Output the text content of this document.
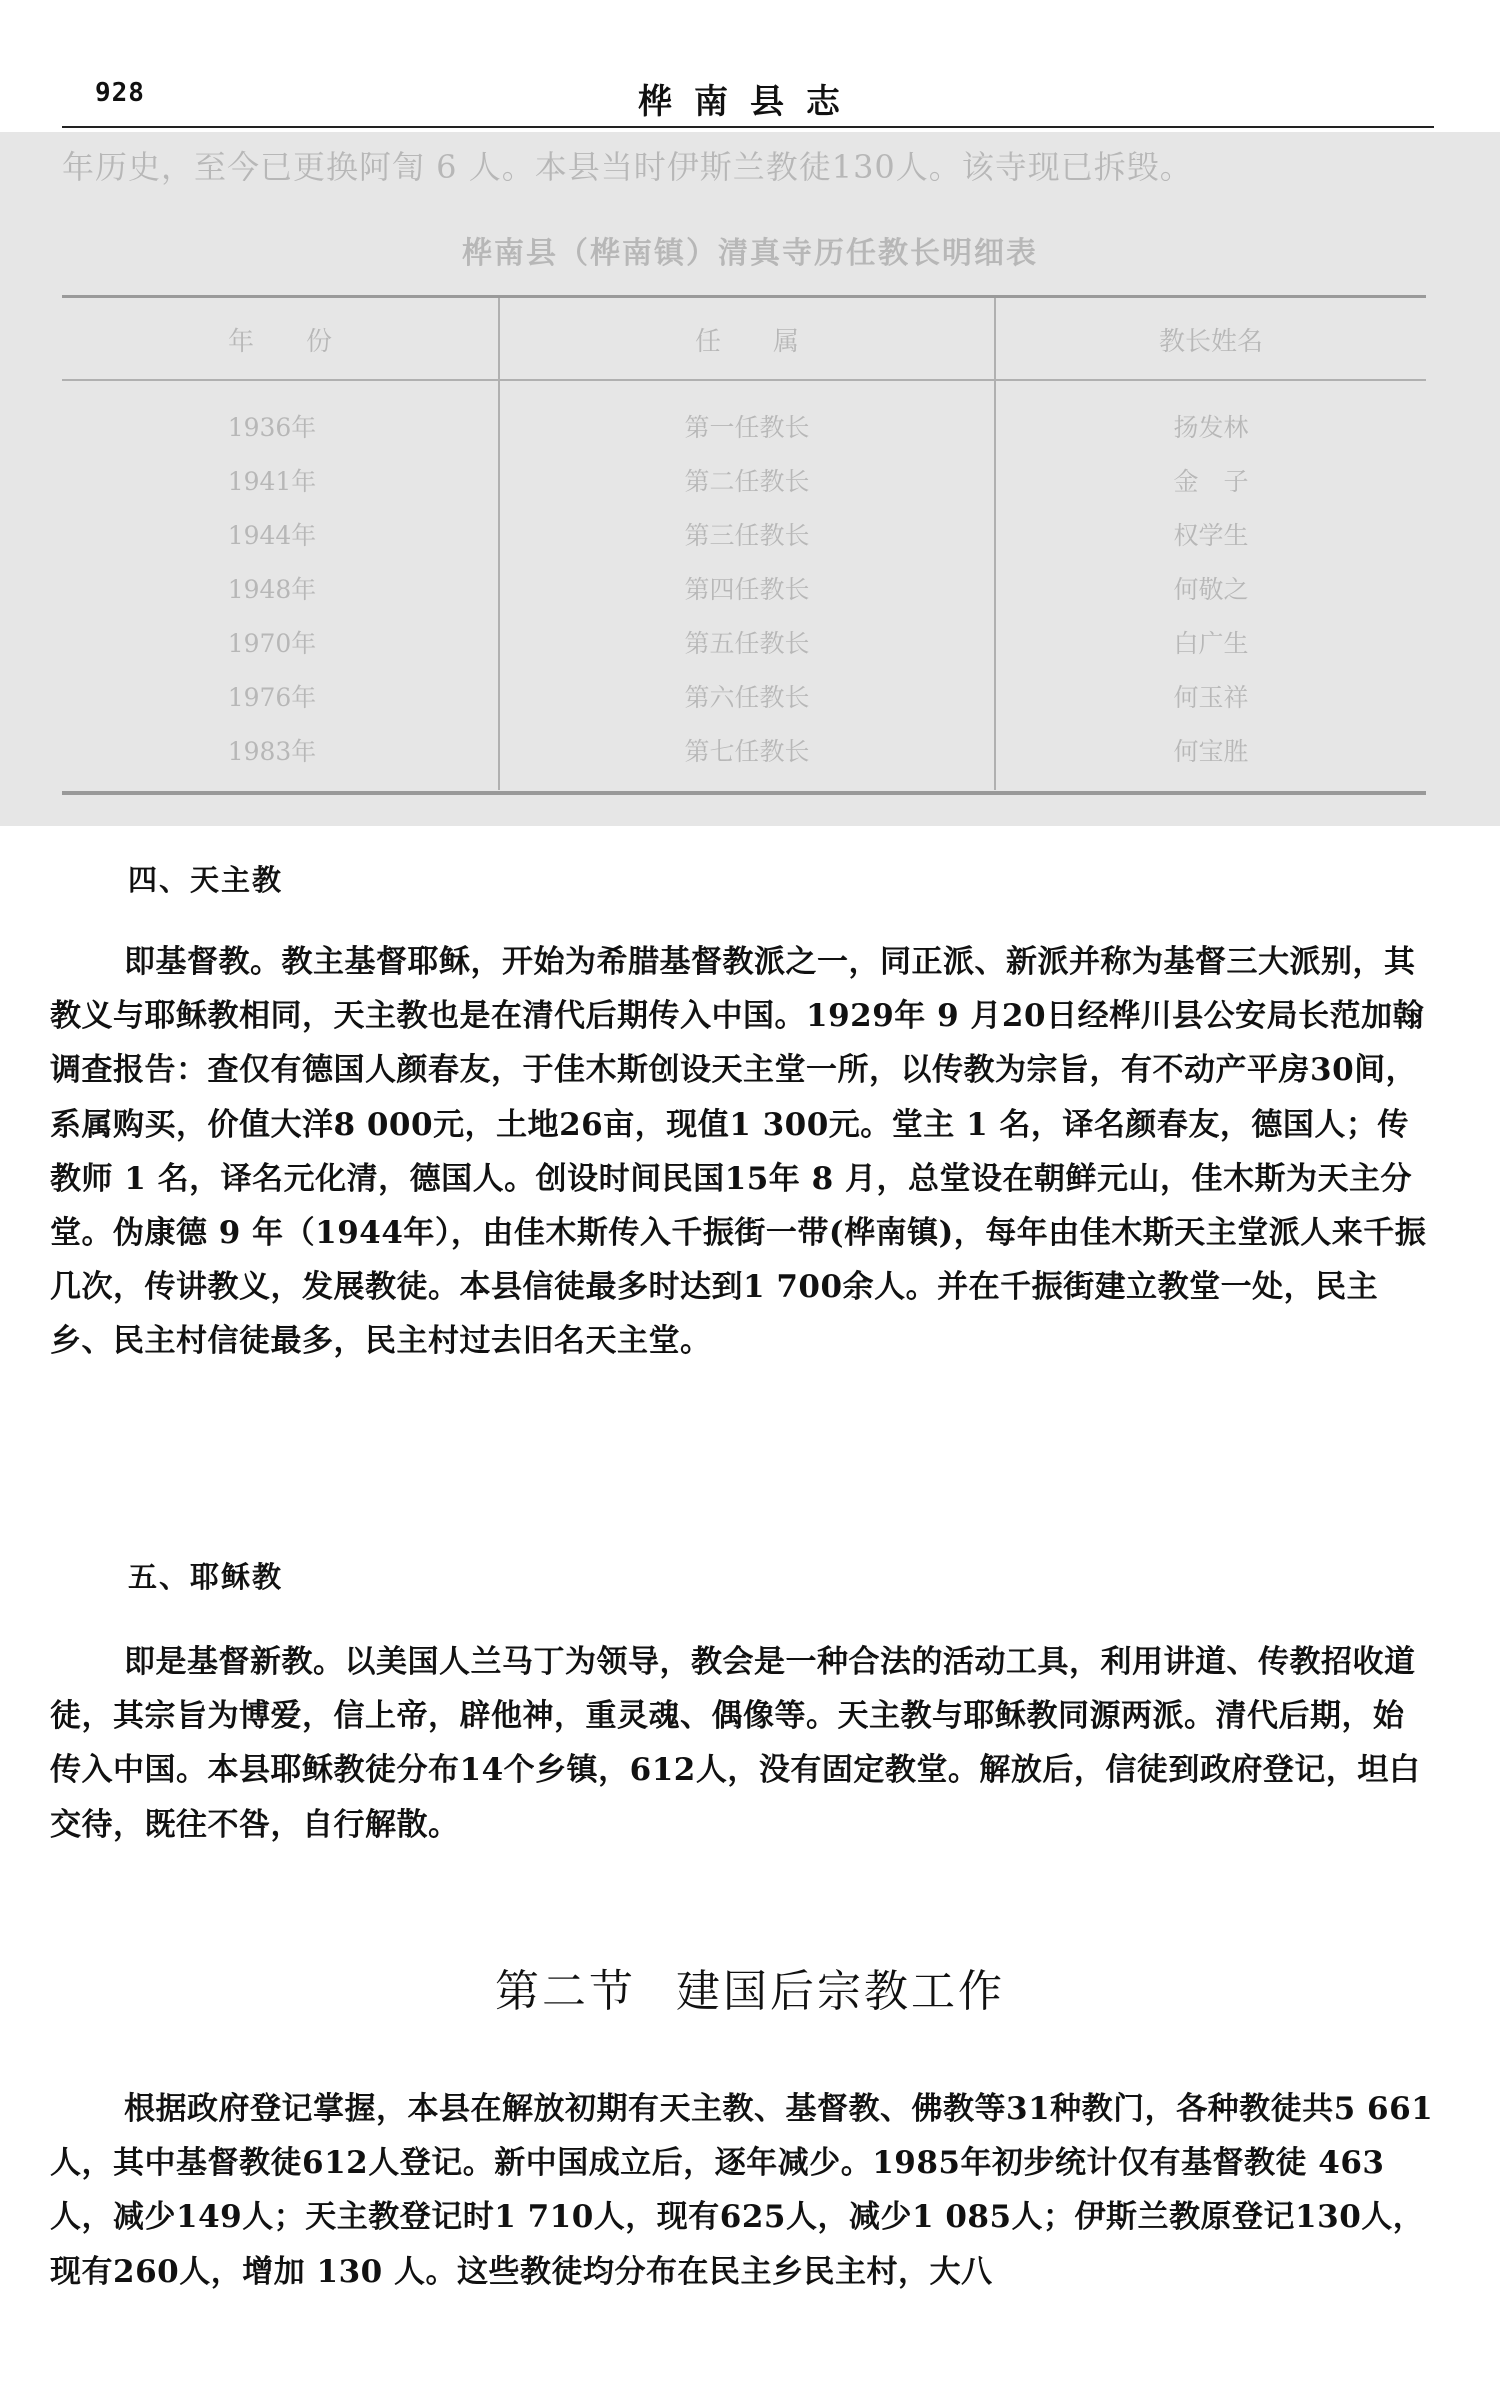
928	桦南县志
年历史，至今已更换阿訇 6 人。本县当时伊斯兰教徒130人。该寺现已拆毁。
桦南县（桦南镇）清真寺历任教长明细表
年　　份	任　　属	教长姓名
1936年	第一任教长	扬发林
1941年	第二任教长	金　子
1944年	第三任教长	权学生
1948年	第四任教长	何敬之
1970年	第五任教长	白广生
1976年	第六任教长	何玉祥
1983年	第七任教长	何宝胜
四、天主教
即基督教。教主基督耶稣，开始为希腊基督教派之一，同正派、新派并称为基督三大派别，其教义与耶稣教相同，天主教也是在清代后期传入中国。1929年 9 月20日经桦川县公安局长范加翰调查报告：查仅有德国人颜春友，于佳木斯创设天主堂一所，以传教为宗旨，有不动产平房30间，系属购买，价值大洋8 000元，土地26亩，现值1 300元。堂主 1 名，译名颜春友，德国人；传教师 1 名，译名元化清，德国人。创设时间民国15年 8 月，总堂设在朝鲜元山，佳木斯为天主分堂。伪康德 9 年（1944年），由佳木斯传入千振街一带(桦南镇)，每年由佳木斯天主堂派人来千振几次，传讲教义，发展教徒。本县信徒最多时达到1 700余人。并在千振街建立教堂一处，民主乡、民主村信徒最多，民主村过去旧名天主堂。
五、耶稣教
即是基督新教。以美国人兰马丁为领导，教会是一种合法的活动工具，利用讲道、传教招收道徒，其宗旨为博爱，信上帝，辟他神，重灵魂、偶像等。天主教与耶稣教同源两派。清代后期，始传入中国。本县耶稣教徒分布14个乡镇，612人，没有固定教堂。解放后，信徒到政府登记，坦白交待，既往不咎，自行解散。
第二节 建国后宗教工作
根据政府登记掌握，本县在解放初期有天主教、基督教、佛教等31种教门，各种教徒共5 661人，其中基督教徒612人登记。新中国成立后，逐年减少。1985年初步统计仅有基督教徒 463 人，减少149人；天主教登记时1 710人，现有625人，减少1 085人；伊斯兰教原登记130人，现有260人，增加 130 人。这些教徒均分布在民主乡民主村，大八
